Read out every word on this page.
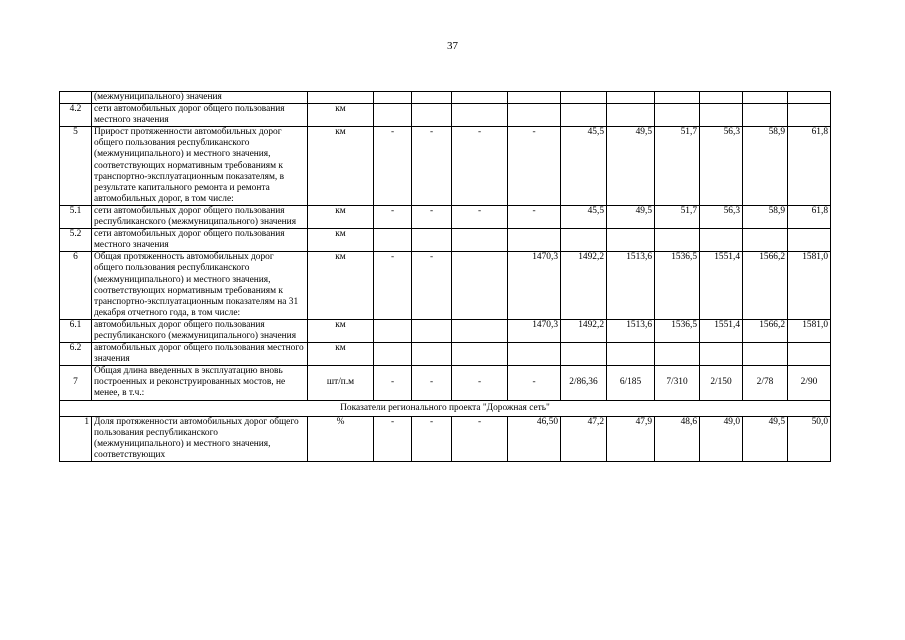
37
	(межмуниципального) значения											
4.2	сети автомобильных дорог общего пользования местного значения	км										
5	Прирост протяженности автомобильных дорог общего пользования республиканского (межмуниципального) и местного значения, соответствующих нормативным требованиям к транспортно-эксплуатационным показателям, в результате капитального ремонта и ремонта автомобильных дорог, в том числе:	км	-	-	-	-	45,5	49,5	51,7	56,3	58,9	61,8
5.1	сети автомобильных дорог общего пользования республиканского (межмуниципального) значения	км	-	-	-	-	45,5	49,5	51,7	56,3	58,9	61,8
5.2	сети автомобильных дорог общего пользования местного значения	км										
6	Общая протяженность автомобильных дорог общего пользования республиканского (межмуниципального) и местного значения, соответствующих нормативным требованиям к транспортно-эксплуатационным показателям на 31 декабря отчетного года, в том числе:	км	-	-		1470,3	1492,2	1513,6	1536,5	1551,4	1566,2	1581,0
6.1	автомобильных дорог общего пользования республиканского (межмуниципального) значения	км				1470,3	1492,2	1513,6	1536,5	1551,4	1566,2	1581,0
6.2	автомобильных дорог общего пользования местного значения	км										
7	Общая длина введенных в эксплуатацию вновь построенных и реконструированных мостов, не менее, в т.ч.:	шт/п.м	-	-	-	-	2/86,36	6/185	7/310	2/150	2/78	2/90
Показатели регионального проекта "Дорожная сеть"												
1	Доля протяженности автомобильных дорог общего пользования республиканского (межмуниципального) и местного значения, соответствующих	%	-	-	-	46,50	47,2	47,9	48,6	49,0	49,5	50,0
